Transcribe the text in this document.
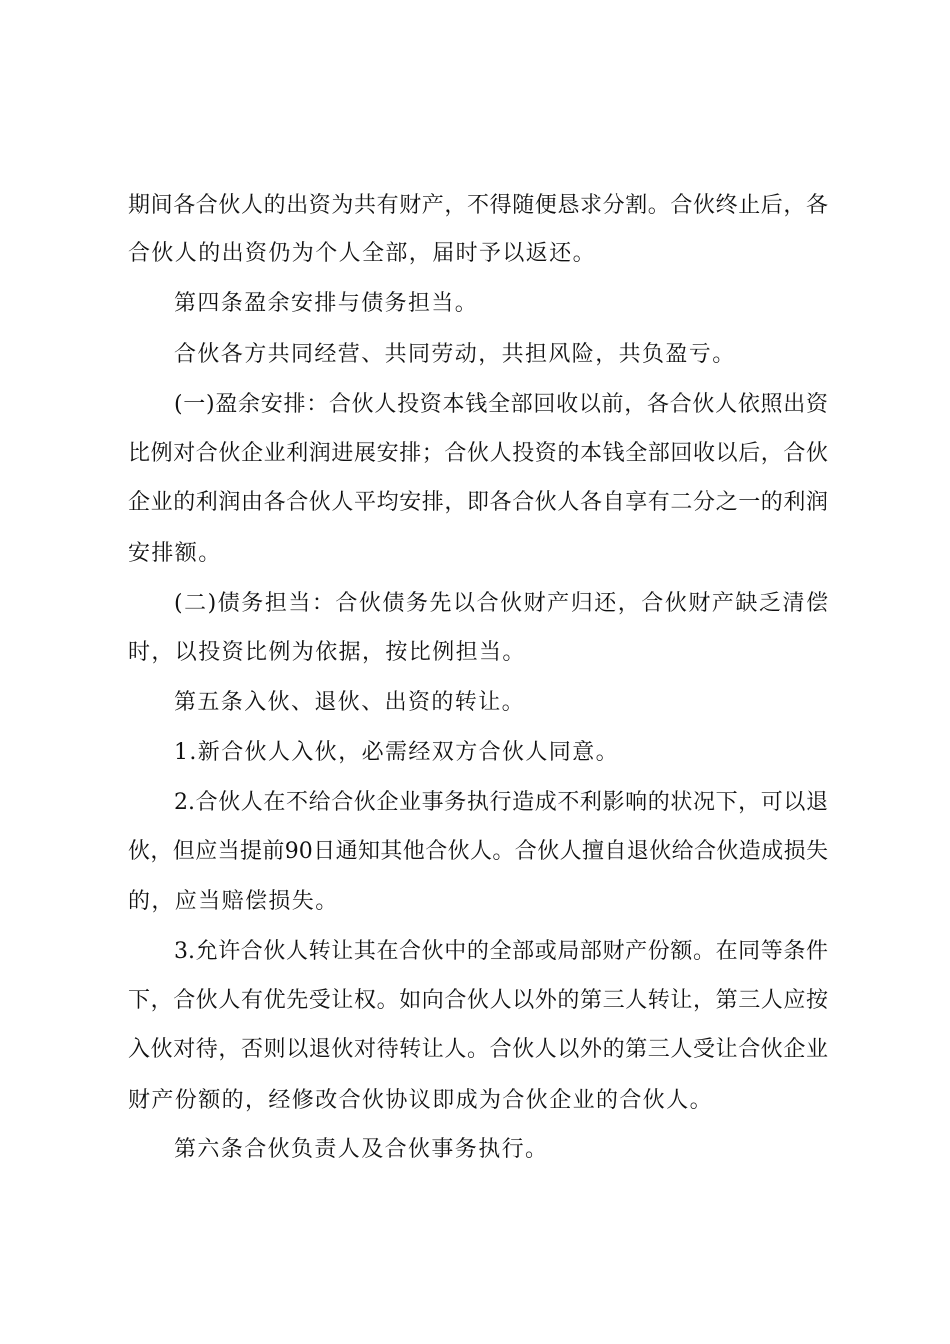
期间各合伙人的出资为共有财产，不得随便恳求分割。合伙终止后，各
合伙人的出资仍为个人全部，届时予以返还。
第四条盈余安排与债务担当。
合伙各方共同经营、共同劳动，共担风险，共负盈亏。
(一)盈余安排：合伙人投资本钱全部回收以前，各合伙人依照出资
比例对合伙企业利润进展安排；合伙人投资的本钱全部回收以后，合伙
企业的利润由各合伙人平均安排，即各合伙人各自享有二分之一的利润
安排额。
(二)债务担当：合伙债务先以合伙财产归还，合伙财产缺乏清偿
时，以投资比例为依据，按比例担当。
第五条入伙、退伙、出资的转让。
1.新合伙人入伙，必需经双方合伙人同意。
2.合伙人在不给合伙企业事务执行造成不利影响的状况下，可以退
伙，但应当提前90日通知其他合伙人。合伙人擅自退伙给合伙造成损失
的，应当赔偿损失。
3.允许合伙人转让其在合伙中的全部或局部财产份额。在同等条件
下，合伙人有优先受让权。如向合伙人以外的第三人转让，第三人应按
入伙对待，否则以退伙对待转让人。合伙人以外的第三人受让合伙企业
财产份额的，经修改合伙协议即成为合伙企业的合伙人。
第六条合伙负责人及合伙事务执行。
